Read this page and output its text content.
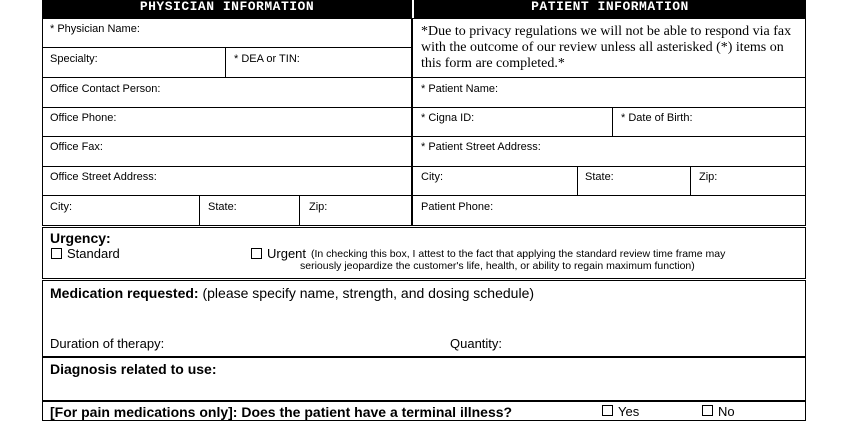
PHYSICIAN INFORMATION	PATIENT INFORMATION
* Physician Name:
Specialty:	* DEA or TIN:
Office Contact Person:
Office Phone:
Office Fax:
Office Street Address:
City:	State:	Zip:
*Due to privacy regulations we will not be able to respond via fax
with the outcome of our review unless all asterisked (*) items on
this form are completed.*
* Patient Name:
* Cigna ID:	* Date of Birth:
* Patient Street Address:
City:	State:	Zip:
Patient Phone:
Urgency:
Standard	Urgent (In checking this box, I attest to the fact that applying the standard review time frame may
seriously jeopardize the customer's life, health, or ability to regain maximum function)
Medication requested: (please specify name, strength, and dosing schedule)
Duration of therapy:	Quantity:
Diagnosis related to use:
[For pain medications only]: Does the patient have a terminal illness?	Yes	No
